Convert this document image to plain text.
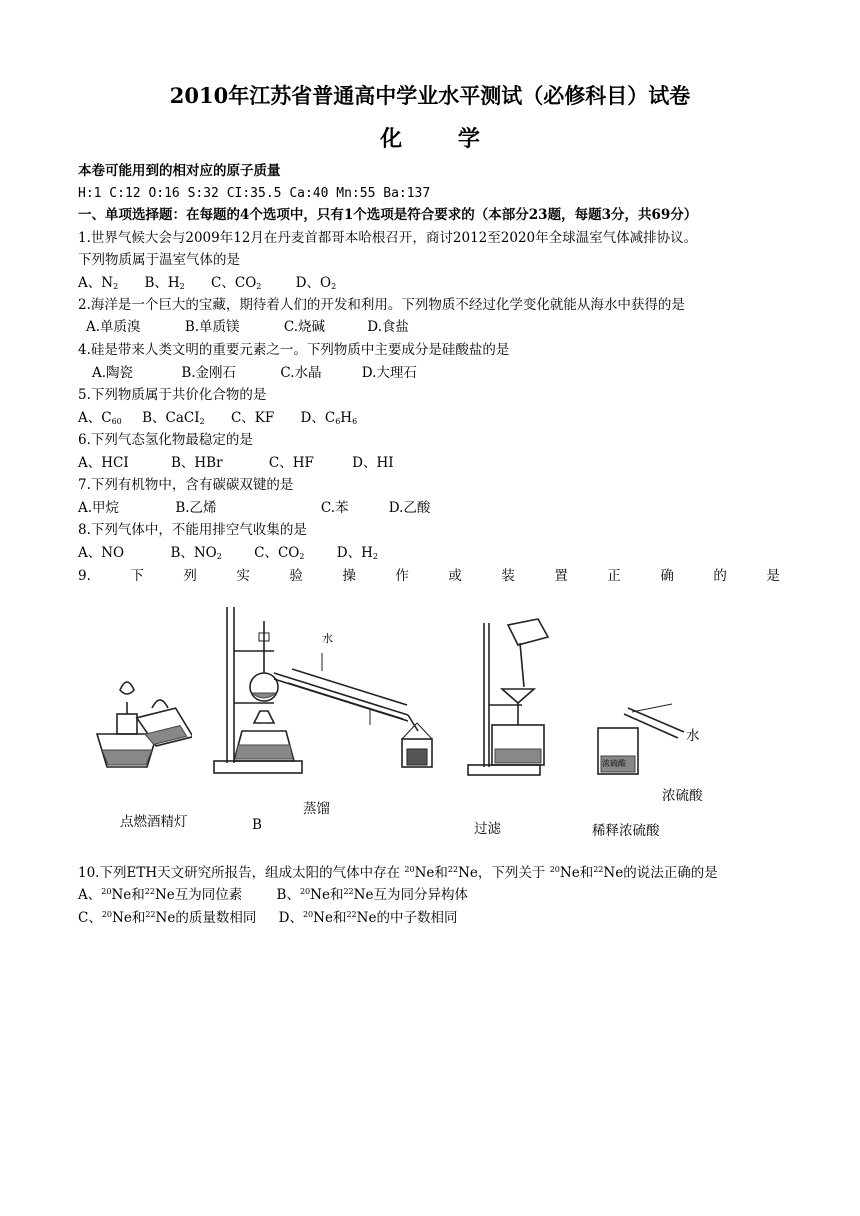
2010年江苏省普通高中学业水平测试（必修科目）试卷
化 学
本卷可能用到的相对应的原子质量
H:1 C:12 O:16 S:32 CI:35.5 Ca:40 Mn:55 Ba:137
一、单项选择题：在每题的4个选项中，只有1个选项是符合要求的（本部分23题，每题3分，共69分）
1.世界气候大会与2009年12月在丹麦首都哥本哈根召开，商讨2012至2020年全球温室气体减排协议。
下列物质属于温室气体的是
A、$N_2$ B、$H_2$ C、$CO_2$	D、$O_2$
2.海洋是一个巨大的宝藏，期待着人们的开发和利用。下列物质不经过化学变化就能从海水中获得的是
A.单质溴	B.单质镁	C.烧碱	D.食盐
4.硅是带来人类文明的重要元素之一。下列物质中主要成分是硅酸盐的是
A.陶瓷	B.金刚石	C.水晶	D.大理石
5.下列物质属于共价化合物的是
A、$C_{60}$ B、CaCI$_2$ C、KF D、$C_6H_6$
6.下列气态氢化物最稳定的是
A、HCI	B、HBr	C、HF	D、HI
7.下列有机物中，含有碳碳双键的是
A.甲烷	B.乙烯	C.苯	D.乙酸
8.下列气体中，不能用排空气收集的是
A、NO	B、$NO_2$ C、$CO_2$ D、$H_2$
9.	下	列	实	验	操	作	或	装	置	正	确	的	是
水
浓硫酸
水
浓硫酸
点燃酒精灯
蒸馏
B	过滤	稀释浓硫酸
10.下列ETH天文研究所报告，组成太阳的气体中存在 $^{20}$Ne和$^{22}$Ne，下列关于 $^{20}$Ne和$^{22}$Ne的说法正确的是
A、$^{20}$Ne和$^{22}$Ne互为同位素	B、$^{20}$Ne和$^{22}$Ne互为同分异构体
C、$^{20}$Ne和$^{22}$Ne的质量数相同 D、$^{20}$Ne和$^{22}$Ne的中子数相同
